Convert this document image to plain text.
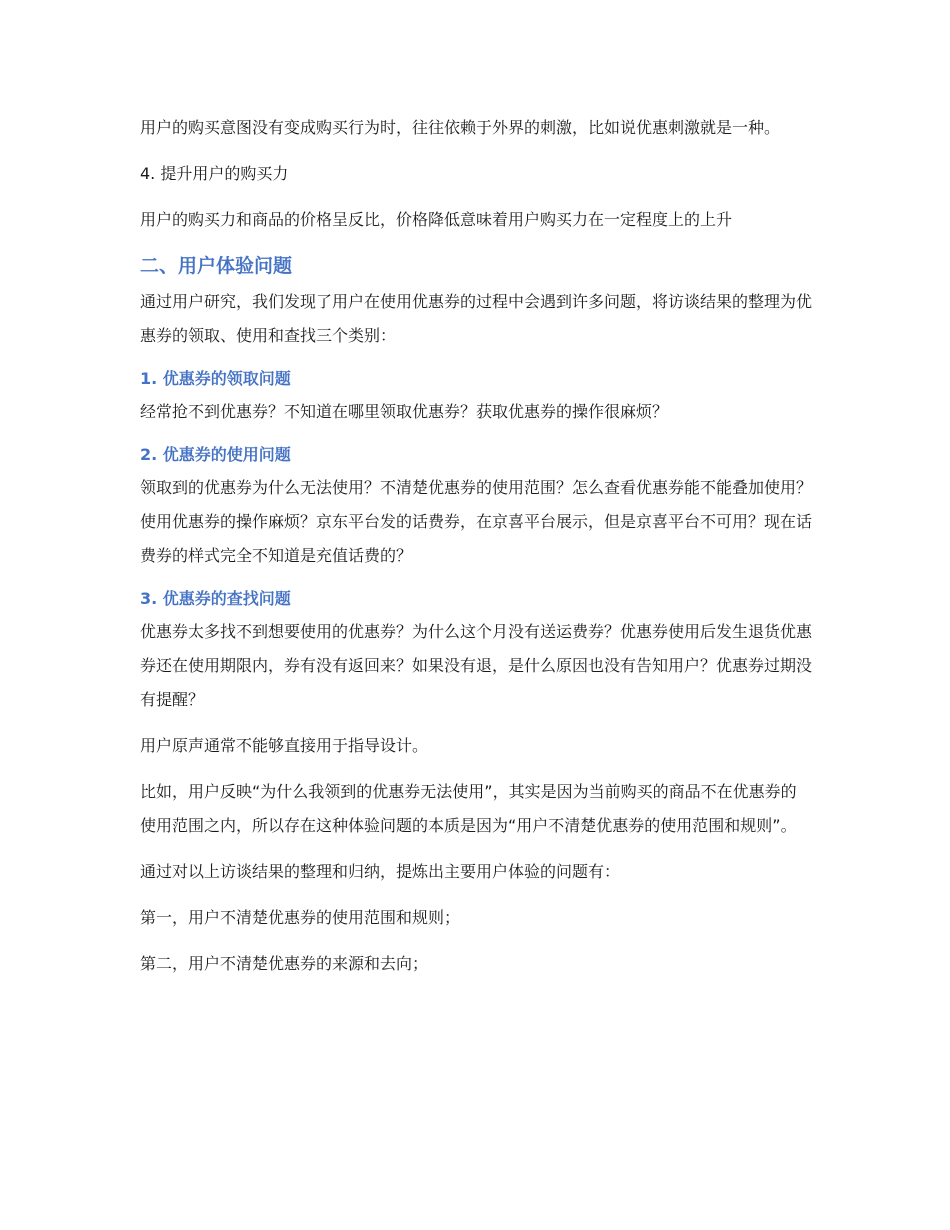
用户的购买意图没有变成购买行为时，往往依赖于外界的刺激，比如说优惠刺激就是一种。

4. 提升用户的购买力

用户的购买力和商品的价格呈反比，价格降低意味着用户购买力在一定程度上的上升

二、用户体验问题

通过用户研究，我们发现了用户在使用优惠券的过程中会遇到许多问题，将访谈结果的整理为优惠券的领取、使用和查找三个类别：

1. 优惠券的领取问题

经常抢不到优惠券？不知道在哪里领取优惠券？获取优惠券的操作很麻烦？

2. 优惠券的使用问题

领取到的优惠券为什么无法使用？不清楚优惠券的使用范围？怎么查看优惠券能不能叠加使用？使用优惠券的操作麻烦？京东平台发的话费券，在京喜平台展示，但是京喜平台不可用？现在话费券的样式完全不知道是充值话费的？

3. 优惠券的查找问题

优惠券太多找不到想要使用的优惠券？为什么这个月没有送运费券？优惠券使用后发生退货优惠券还在使用期限内，券有没有返回来？如果没有退，是什么原因也没有告知用户？优惠券过期没有提醒？

用户原声通常不能够直接用于指导设计。

比如，用户反映“为什么我领到的优惠券无法使用”，其实是因为当前购买的商品不在优惠券的使用范围之内，所以存在这种体验问题的本质是因为“用户不清楚优惠券的使用范围和规则”。

通过对以上访谈结果的整理和归纳，提炼出主要用户体验的问题有：

第一，用户不清楚优惠券的使用范围和规则；

第二，用户不清楚优惠券的来源和去向；
